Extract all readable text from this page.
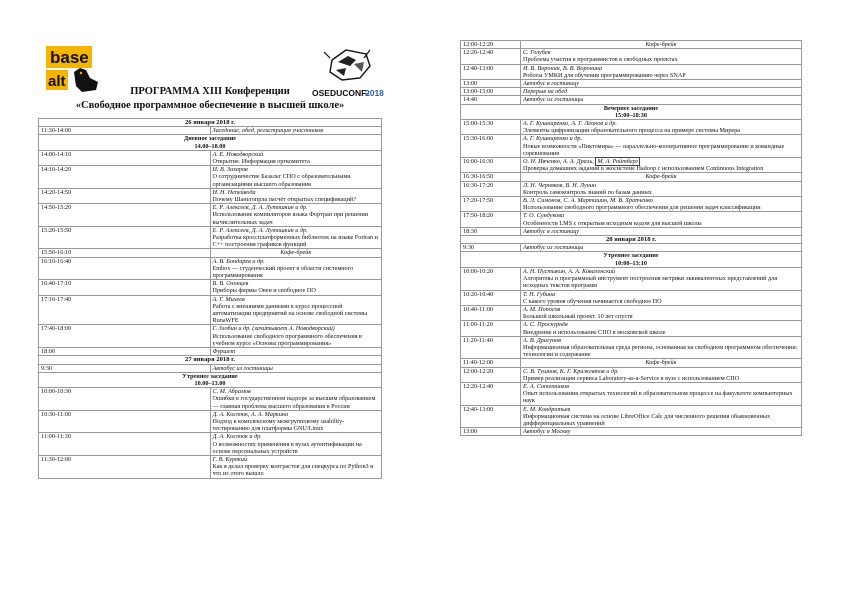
base
alt
OSEDUCONF-
2018
ПРОГРАММА XIII Конференции
«Свободное программное обеспечение в высшей школе»
26 января 2018 г.	
11:30-14:00	Заседание, обед, регистрация участников
Дневное заседание
14.00–18.00	
14:00-14:10	А. Е. Новодворский
Открытие. Информация оргкомитета
14:10-14:20	И. В. Захаров
О сотрудничестве Базальт СПО с образовательными организациями высшего образования
14:20-14:50	Н. Н. Непейвода
Почему Шаньтопрла пасчёт открытых спецификаций?
14:50-15:20	Е. Р. Алексеев, Д. А. Лутошкин и др.
Использование компиляторов языка Фортран при решении вычислительных задач
15:20-15:50	Е. Р. Алексеев, Д. А. Лутошкин и др.
Разработка кроссплатформенных библиотек на языке Fortran и C++ построения графиков функций
15:50-16:10	Кофе-брейк
16:10-16:40	А. В. Бондарев и др.
Embox — студенческий проект в области системного программирования
16:40-17:10	В. В. Олонцев
Приборы фирмы Овен и свободное ПО
17:10-17:40	А. Г. Михеев
Работа с внешними данными в курсе процессной автоматизации предприятий на основе свободной системы RunaWFE
17:40-18:00	Г. Злобин и др. (зачитывает А. Новодворский)
Использование свободного программного обеспечения в учебном курсе «Основы программирования»
18:00	Фуршет
27 января 2018 г.	
9:30	Автобус из гостиницы
Утреннее заседание
10.00–13.00	
10:00-10:30	С. М. Абрамов
Ошибки в государственном надзоре за высшим образованием — главная проблема высшего образования в России
10:30-11:00	Д. А. Костюк, А. А. Маркина
Подход к комплексному межгрупповому usability-тестированию для платформы GNU/Linux
11:00-11:30	Д. А. Костюк и др.
О возможностях применения в вузах аутентификации на основе персональных устройств
11:30-12:00	Г. В. Курякий
Как я делал проверку контрастов для спецкурса по Python3 и что из этого вышло
12:00-12:20	Кофе-брейк
12:20-12:40	С. Голубев
Проблема участия в программистов в свободных проектах
12:40-13:00	И. В. Воронин, В. В. Воронина
Роботы УМКИ для обучения программированию через SNAP
13:00	Автобус в гостиницу
13:00-15:00	Перерыв на обед
14:40	Автобус из гостиницы
Вечернее заседание
15:00–18:30	
15:00-15:30	А. Г. Кушниренко, А. Г. Леонов и др.
Элементы цифровизации образовательного процесса на примере системы Мирера
15:30-16:00	А. Г. Кушниренко и др.
Новые возможности «Пиктомира» — параллельно-кооперативное программирование и командные соревнования
16:00-16:30	О. Н. Ивченко, А. А. Драль, М. А. Ройтберг
Проверка домашних заданий в экосистеме Hadoop с использованием Continuous Integration
16:30-16:50	Кофе-брейк
16:30-17:20	Л. Н. Черняков, В. Н. Лунин
Контроль самоконтроль знаний по базам данных
17:20-17:50	В. Л. Симонов, С. А. Мартишин, М. В. Храпченко
Использование свободного программного обеспечения для решения задач классификации
17:50-18:20	Т. О. Сундукова
Особенности LMS с открытым исходным кодом для высшей школы
18:30	Автобус в гостиницу
28 января 2018 г.	
9:30	Автобус из гостиницы
Утреннее заседание
10:00–13:10	
10:00-10:20	А. Н. Пустыкин, А. А. Коваленский
Алгоритмы и программный инструмент построения метрики эквивалентных представлений для исходных текстов программ
10:20-10:40	Т. Н. Губина
С какого уровня обучения начинается свободное ПО
10:40-11:00	А. М. Попосов
Большой школьный проект. 10 лет спустя
11:00-11:20	А. С. Проскурнёв
Внедрение и использование СПО в московской школе
11:20-11:40	А. В. Драгунов
Информационная образовательная среда региона, основанная на свободном программном обеспечении: технологии и содержание
11:40-12:00	Кофе-брейк
12:00-12:20	С. В. Тушнов, К. Г. Крижевтов и др.
Пример реализации сервиса Laboratory-as-a-Service в вузе с использованием СПО
12:20-12:40	Е. А. Сотенников
Опыт использования открытых технологий в образовательном процессе на факультете компьютерных наук
12:40-13:00	Е. М. Кондратьев
Информационная система на основе LibreOffice Calc для численного решения обыкновенных дифференциальных уравнений
13:00	Автобус в Москву
